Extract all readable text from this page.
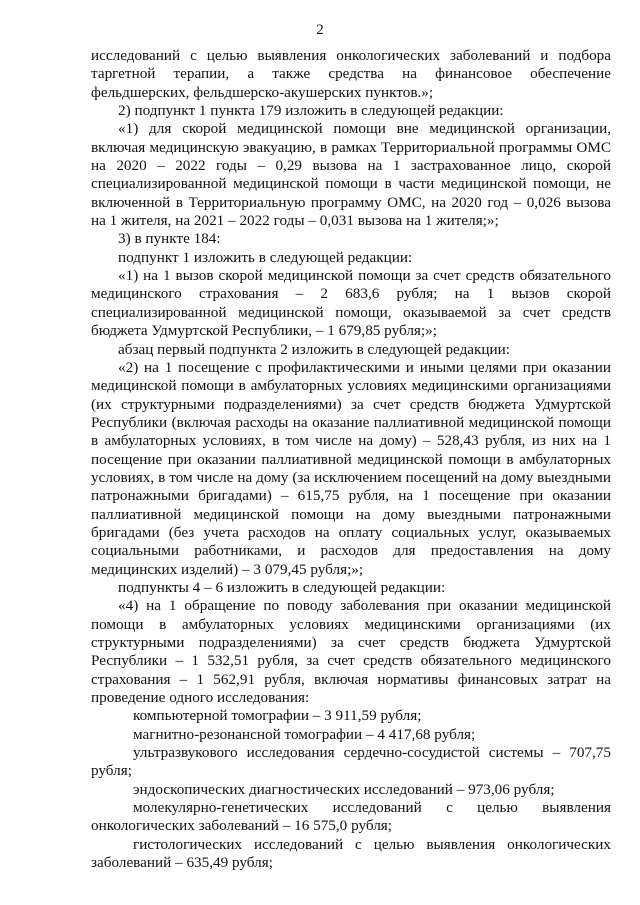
2

исследований с целью выявления онкологических заболеваний и подбора таргетной терапии, а также средства на финансовое обеспечение фельдшерских, фельдшерско-акушерских пунктов.»;

2) подпункт 1 пункта 179 изложить в следующей редакции:

«1) для скорой медицинской помощи вне медицинской организации, включая медицинскую эвакуацию, в рамках Территориальной программы ОМС на 2020 – 2022 годы – 0,29 вызова на 1 застрахованное лицо, скорой специализированной медицинской помощи в части медицинской помощи, не включенной в Территориальную программу ОМС, на 2020 год – 0,026 вызова на 1 жителя, на 2021 – 2022 годы – 0,031 вызова на 1 жителя;»;

3) в пункте 184:

подпункт 1 изложить в следующей редакции:

«1) на 1 вызов скорой медицинской помощи за счет средств обязательного медицинского страхования – 2 683,6 рубля; на 1 вызов скорой специализированной медицинской помощи, оказываемой за счет средств бюджета Удмуртской Республики, – 1 679,85 рубля;»;

абзац первый подпункта 2 изложить в следующей редакции:

«2) на 1 посещение с профилактическими и иными целями при оказании медицинской помощи в амбулаторных условиях медицинскими организациями (их структурными подразделениями) за счет средств бюджета Удмуртской Республики (включая расходы на оказание паллиативной медицинской помощи в амбулаторных условиях, в том числе на дому) – 528,43 рубля, из них на 1 посещение при оказании паллиативной медицинской помощи в амбулаторных условиях, в том числе на дому (за исключением посещений на дому выездными патронажными бригадами) – 615,75 рубля, на 1 посещение при оказании паллиативной медицинской помощи на дому выездными патронажными бригадами (без учета расходов на оплату социальных услуг, оказываемых социальными работниками, и расходов для предоставления на дому медицинских изделий) – 3 079,45 рубля;»;

подпункты 4 – 6 изложить в следующей редакции:

«4) на 1 обращение по поводу заболевания при оказании медицинской помощи в амбулаторных условиях медицинскими организациями (их структурными подразделениями) за счет средств бюджета Удмуртской Республики – 1 532,51 рубля, за счет средств обязательного медицинского страхования – 1 562,91 рубля, включая нормативы финансовых затрат на проведение одного исследования:

компьютерной томографии – 3 911,59 рубля;

магнитно-резонансной томографии – 4 417,68 рубля;

ультразвукового исследования сердечно-сосудистой системы – 707,75 рубля;

эндоскопических диагностических исследований – 973,06 рубля;

молекулярно-генетических исследований с целью выявления онкологических заболеваний – 16 575,0 рубля;

гистологических исследований с целью выявления онкологических заболеваний – 635,49 рубля;
